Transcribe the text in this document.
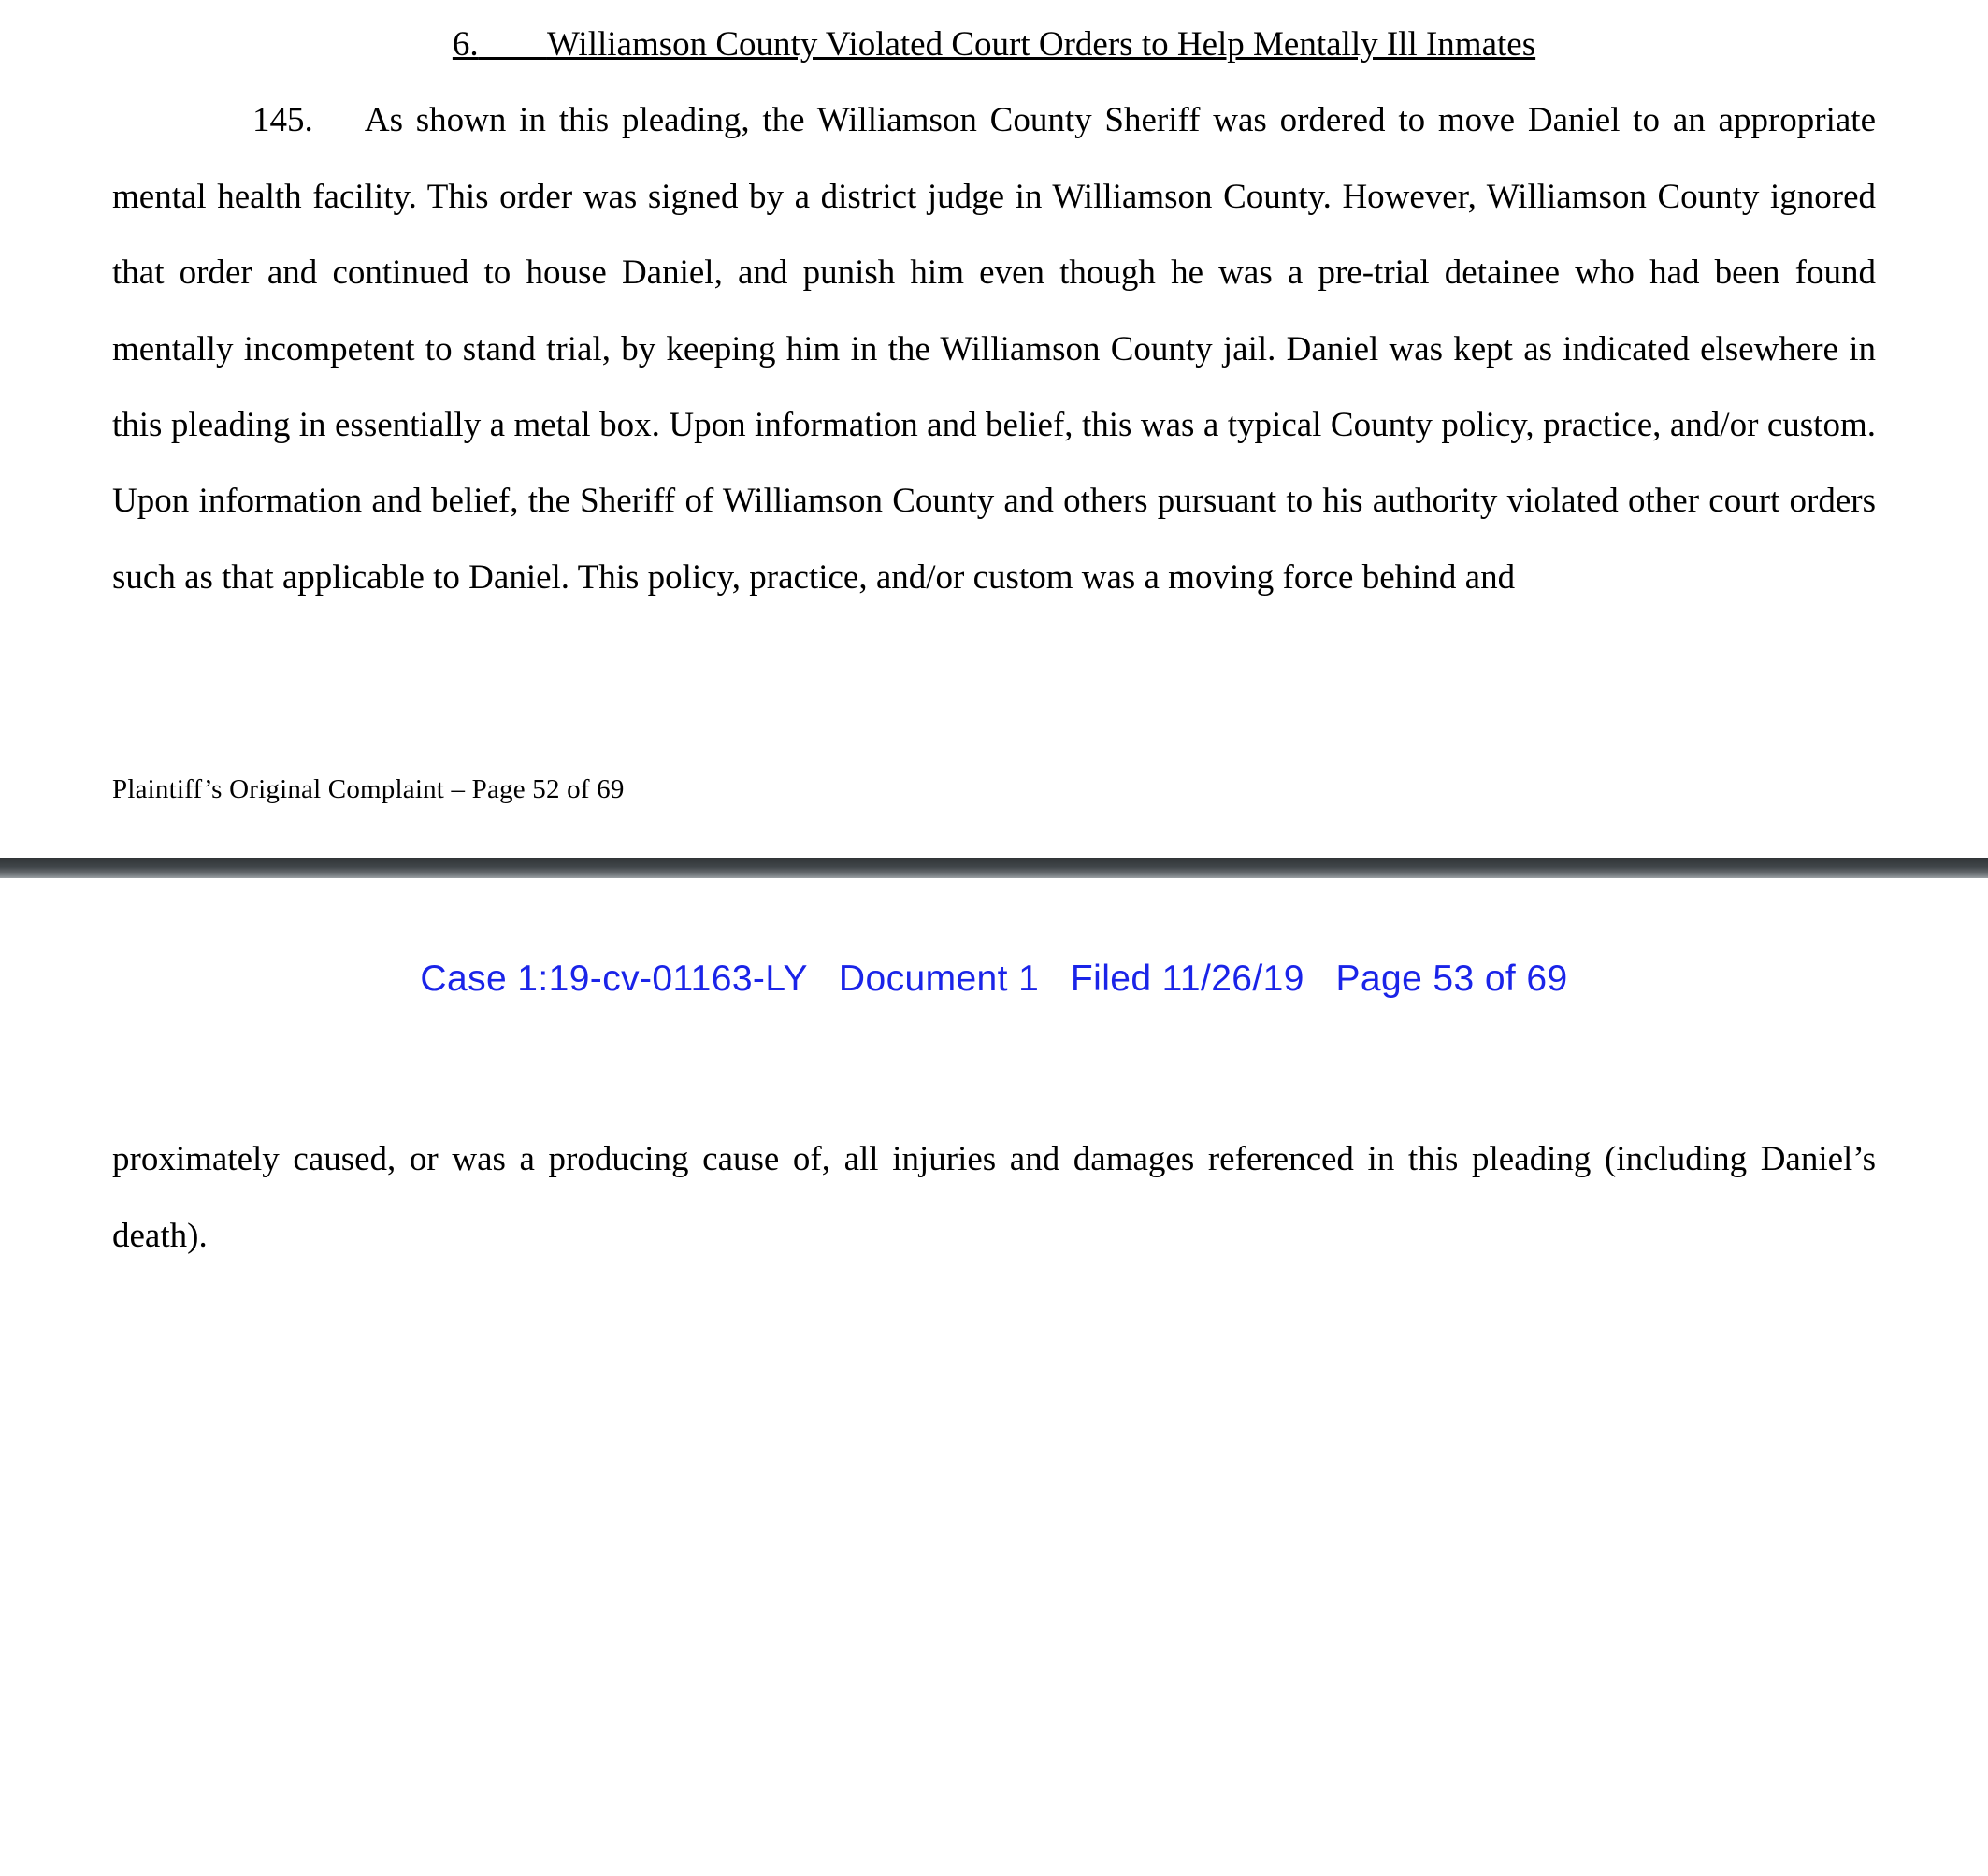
6. Williamson County Violated Court Orders to Help Mentally Ill Inmates

145. As shown in this pleading, the Williamson County Sheriff was ordered to move Daniel to an appropriate mental health facility. This order was signed by a district judge in Williamson County. However, Williamson County ignored that order and continued to house Daniel, and punish him even though he was a pre-trial detainee who had been found mentally incompetent to stand trial, by keeping him in the Williamson County jail. Daniel was kept as indicated elsewhere in this pleading in essentially a metal box. Upon information and belief, this was a typical County policy, practice, and/or custom. Upon information and belief, the Sheriff of Williamson County and others pursuant to his authority violated other court orders such as that applicable to Daniel. This policy, practice, and/or custom was a moving force behind and

Plaintiff’s Original Complaint – Page 52 of 69
Case 1:19-cv-01163-LY   Document 1   Filed 11/26/19   Page 53 of 69

proximately caused, or was a producing cause of, all injuries and damages referenced in this pleading (including Daniel’s death).
